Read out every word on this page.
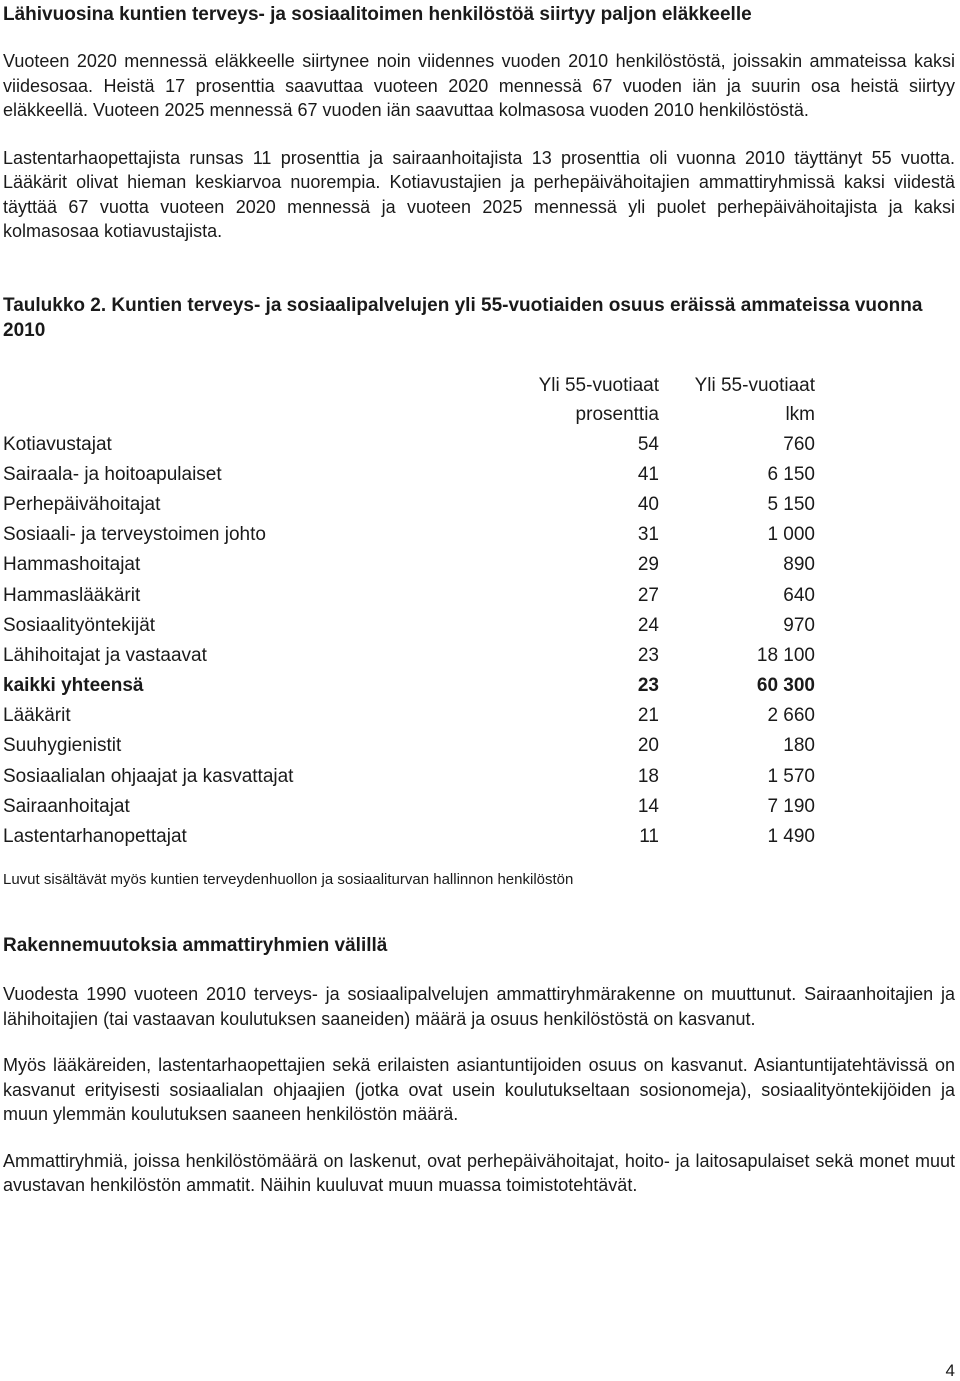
Lähivuosina kuntien terveys- ja sosiaalitoimen henkilöstöä siirtyy paljon eläkkeelle

Vuoteen 2020 mennessä eläkkeelle siirtynee noin viidennes vuoden 2010 henkilöstöstä, joissakin ammateissa kaksi viidesosaa. Heistä 17 prosenttia saavuttaa vuoteen 2020 mennessä 67 vuoden iän ja suurin osa heistä siirtyy eläkkeellä. Vuoteen 2025 mennessä 67 vuoden iän saavuttaa kolmasosa vuoden 2010 henkilöstöstä.

Lastentarhaopettajista runsas 11 prosenttia ja sairaanhoitajista 13 prosenttia oli vuonna 2010 täyttänyt 55 vuotta. Lääkärit olivat hieman keskiarvoa nuorempia. Kotiavustajien ja perhepäivähoitajien ammattiryhmissä kaksi viidestä täyttää 67 vuotta vuoteen 2020 mennessä ja vuoteen 2025 mennessä yli puolet perhepäivähoitajista ja kaksi kolmasosaa kotiavustajista.

Taulukko 2. Kuntien terveys- ja sosiaalipalvelujen yli 55-vuotiaiden osuus eräissä ammateissa vuonna 2010

	Yli 55-vuotiaat	Yli 55-vuotiaat
	prosenttia	lkm
Kotiavustajat	54	760
Sairaala- ja hoitoapulaiset	41	6 150
Perhepäivähoitajat	40	5 150
Sosiaali- ja terveystoimen johto	31	1 000
Hammashoitajat	29	890
Hammaslääkärit	27	640
Sosiaalityöntekijät	24	970
Lähihoitajat ja vastaavat	23	18 100
kaikki yhteensä	23	60 300
Lääkärit	21	2 660
Suuhygienistit	20	180
Sosiaalialan ohjaajat ja kasvattajat	18	1 570
Sairaanhoitajat	14	7 190
Lastentarhanopettajat	11	1 490

Luvut sisältävät myös kuntien terveydenhuollon ja sosiaaliturvan hallinnon henkilöstön

Rakennemuutoksia ammattiryhmien välillä

Vuodesta 1990 vuoteen 2010 terveys- ja sosiaalipalvelujen ammattiryhmärakenne on muuttunut. Sairaanhoitajien ja lähihoitajien (tai vastaavan koulutuksen saaneiden) määrä ja osuus henkilöstöstä on kasvanut.

Myös lääkäreiden, lastentarhaopettajien sekä erilaisten asiantuntijoiden osuus on kasvanut. Asiantuntijatehtävissä on kasvanut erityisesti sosiaalialan ohjaajien (jotka ovat usein koulutukseltaan sosionomeja), sosiaalityöntekijöiden ja muun ylemmän koulutuksen saaneen henkilöstön määrä.

Ammattiryhmiä, joissa henkilöstömäärä on laskenut, ovat perhepäivähoitajat, hoito- ja laitosapulaiset sekä monet muut avustavan henkilöstön ammatit. Näihin kuuluvat muun muassa toimistotehtävät.

4
